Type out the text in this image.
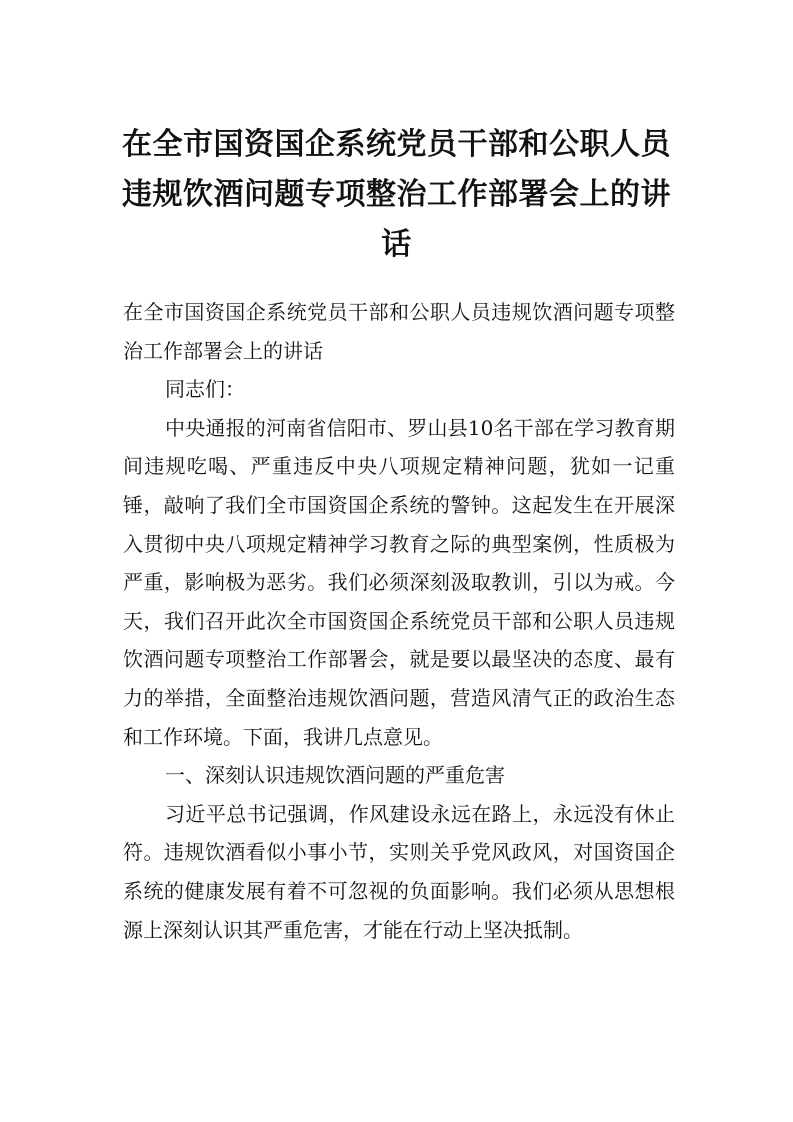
在全市国资国企系统党员干部和公职人员
违规饮酒问题专项整治工作部署会上的讲
话

在全市国资国企系统党员干部和公职人员违规饮酒问题专项整治工作部署会上的讲话

同志们：

中央通报的河南省信阳市、罗山县10名干部在学习教育期间违规吃喝、严重违反中央八项规定精神问题，犹如一记重锤，敲响了我们全市国资国企系统的警钟。这起发生在开展深入贯彻中央八项规定精神学习教育之际的典型案例，性质极为严重，影响极为恶劣。我们必须深刻汲取教训，引以为戒。今天，我们召开此次全市国资国企系统党员干部和公职人员违规饮酒问题专项整治工作部署会，就是要以最坚决的态度、最有力的举措，全面整治违规饮酒问题，营造风清气正的政治生态和工作环境。下面，我讲几点意见。

一、深刻认识违规饮酒问题的严重危害

习近平总书记强调，作风建设永远在路上，永远没有休止符。违规饮酒看似小事小节，实则关乎党风政风，对国资国企系统的健康发展有着不可忽视的负面影响。我们必须从思想根源上深刻认识其严重危害，才能在行动上坚决抵制。
